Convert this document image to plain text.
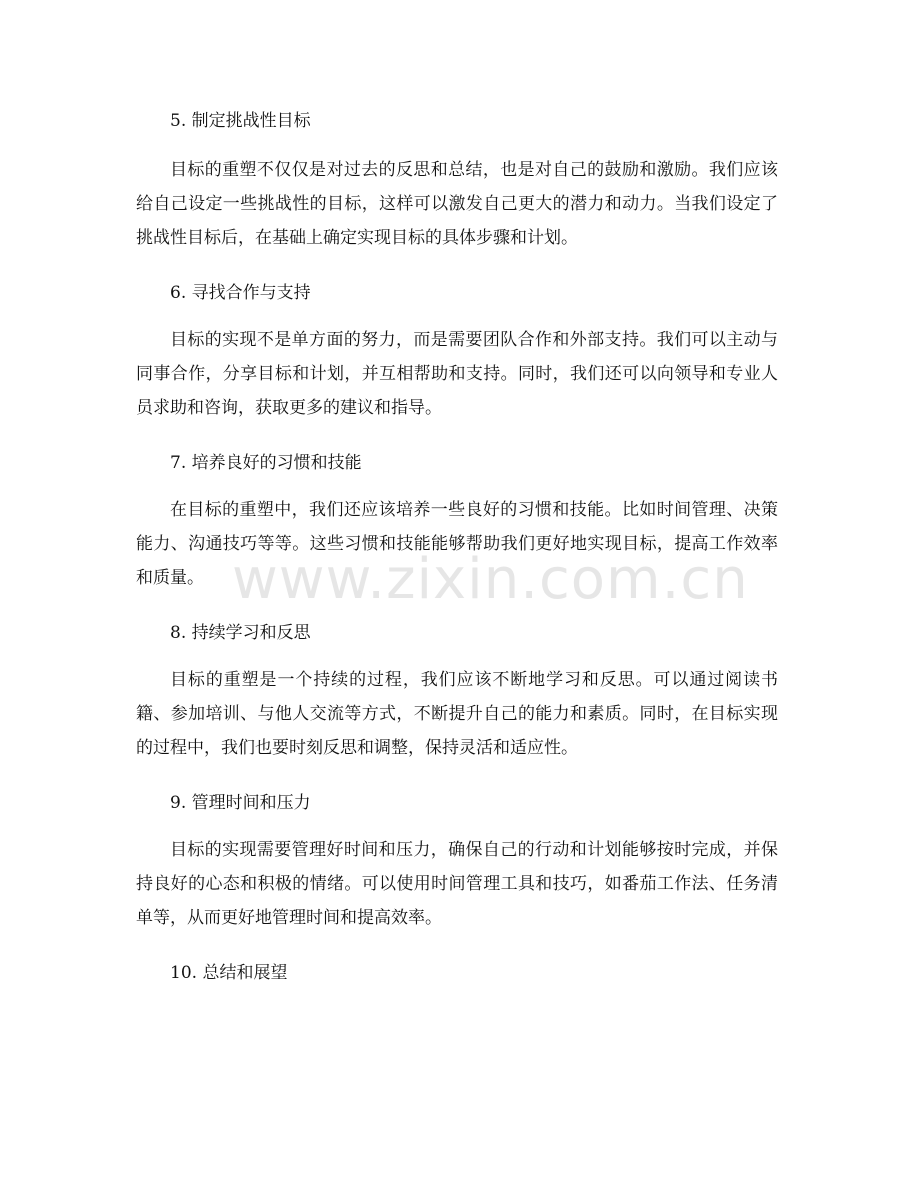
5. 制定挑战性目标

目标的重塑不仅仅是对过去的反思和总结，也是对自己的鼓励和激励。我们应该给自己设定一些挑战性的目标，这样可以激发自己更大的潜力和动力。当我们设定了挑战性目标后，在基础上确定实现目标的具体步骤和计划。

6. 寻找合作与支持

目标的实现不是单方面的努力，而是需要团队合作和外部支持。我们可以主动与同事合作，分享目标和计划，并互相帮助和支持。同时，我们还可以向领导和专业人员求助和咨询，获取更多的建议和指导。

7. 培养良好的习惯和技能

在目标的重塑中，我们还应该培养一些良好的习惯和技能。比如时间管理、决策能力、沟通技巧等等。这些习惯和技能能够帮助我们更好地实现目标，提高工作效率和质量。

8. 持续学习和反思

目标的重塑是一个持续的过程，我们应该不断地学习和反思。可以通过阅读书籍、参加培训、与他人交流等方式，不断提升自己的能力和素质。同时，在目标实现的过程中，我们也要时刻反思和调整，保持灵活和适应性。

9. 管理时间和压力

目标的实现需要管理好时间和压力，确保自己的行动和计划能够按时完成，并保持良好的心态和积极的情绪。可以使用时间管理工具和技巧，如番茄工作法、任务清单等，从而更好地管理时间和提高效率。

10. 总结和展望
www.zixin.com.cn
